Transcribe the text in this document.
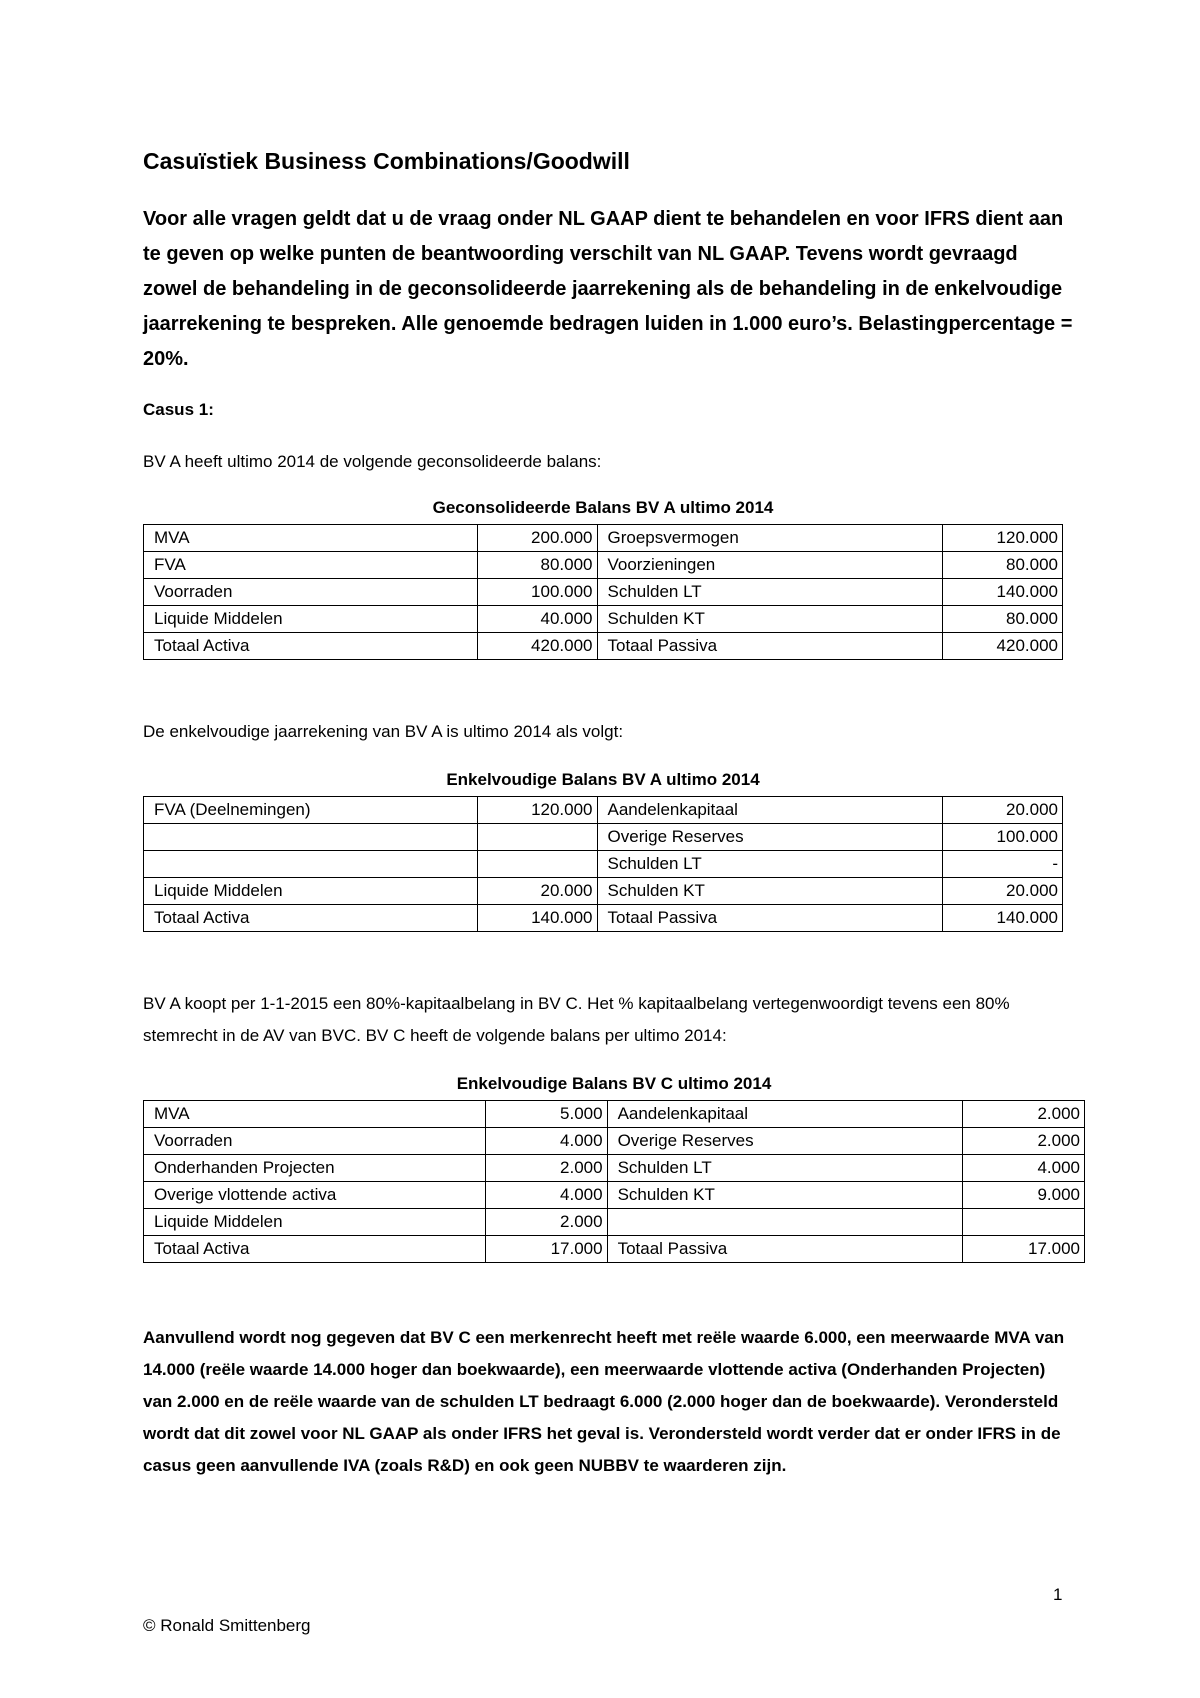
Casuïstiek Business Combinations/Goodwill
Voor alle vragen geldt dat u de vraag onder NL GAAP dient te behandelen en voor IFRS dient aan te geven op welke punten de beantwoording verschilt van NL GAAP. Tevens wordt gevraagd zowel de behandeling in de geconsolideerde jaarrekening als de behandeling in de enkelvoudige jaarrekening te bespreken. Alle genoemde bedragen luiden in 1.000 euro’s. Belastingpercentage = 20%.
Casus 1:
BV A heeft ultimo 2014 de volgende geconsolideerde balans:
Geconsolideerde Balans BV A ultimo 2014
MVA	200.000	Groepsvermogen	120.000
FVA	80.000	Voorzieningen	80.000
Voorraden	100.000	Schulden LT	140.000
Liquide Middelen	40.000	Schulden KT	80.000
Totaal Activa	420.000	Totaal Passiva	420.000
De enkelvoudige jaarrekening van BV A is ultimo 2014 als volgt:
Enkelvoudige Balans BV A ultimo 2014
FVA (Deelnemingen)	120.000	Aandelenkapitaal	20.000
		Overige Reserves	100.000
		Schulden LT	-
Liquide Middelen	20.000	Schulden KT	20.000
Totaal Activa	140.000	Totaal Passiva	140.000
BV A koopt per 1-1-2015 een 80%-kapitaalbelang in BV C. Het % kapitaalbelang vertegenwoordigt tevens een 80% stemrecht in de AV van BVC. BV C heeft de volgende balans per ultimo 2014:
Enkelvoudige Balans BV C ultimo 2014
MVA	5.000	Aandelenkapitaal	2.000
Voorraden	4.000	Overige Reserves	2.000
Onderhanden Projecten	2.000	Schulden LT	4.000
Overige vlottende activa	4.000	Schulden KT	9.000
Liquide Middelen	2.000		
Totaal Activa	17.000	Totaal Passiva	17.000
Aanvullend wordt nog gegeven dat BV C een merkenrecht heeft met reële waarde 6.000, een meerwaarde MVA van 14.000 (reële waarde 14.000 hoger dan boekwaarde), een meerwaarde vlottende activa (Onderhanden Projecten) van 2.000 en de reële waarde van de schulden LT bedraagt 6.000 (2.000 hoger dan de boekwaarde). Verondersteld wordt dat dit zowel voor NL GAAP als onder IFRS het geval is. Verondersteld wordt verder dat er onder IFRS in de casus geen aanvullende IVA (zoals R&D) en ook geen NUBBV te waarderen zijn.
1
© Ronald Smittenberg
